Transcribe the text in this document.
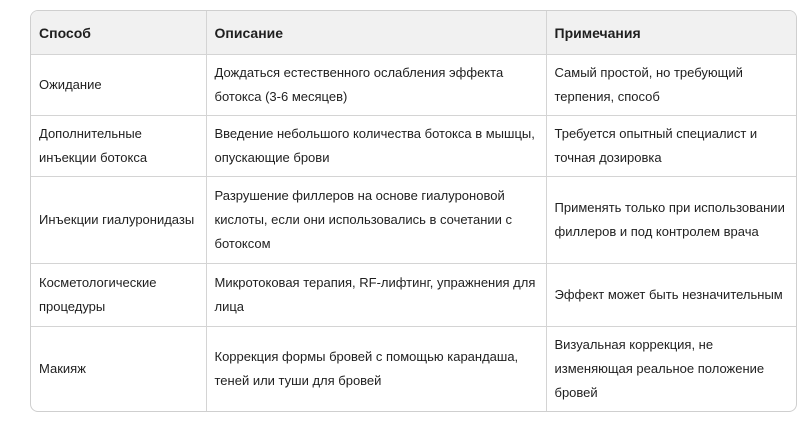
Способ	Описание	Примечания
Ожидание	Дождаться естественного ослабления эффекта ботокса (3-6 месяцев)	Самый простой, но требующий терпения, способ
Дополнительные инъекции ботокса	Введение небольшого количества ботокса в мышцы, опускающие брови	Требуется опытный специалист и точная дозировка
Инъекции гиалуронидазы	Разрушение филлеров на основе гиалуроновой кислоты, если они использовались в сочетании с ботоксом	Применять только при использовании филлеров и под контролем врача
Косметологические процедуры	Микротоковая терапия, RF-лифтинг, упражнения для лица	Эффект может быть незначительным
Макияж	Коррекция формы бровей с помощью карандаша, теней или туши для бровей	Визуальная коррекция, не изменяющая реальное положение бровей
